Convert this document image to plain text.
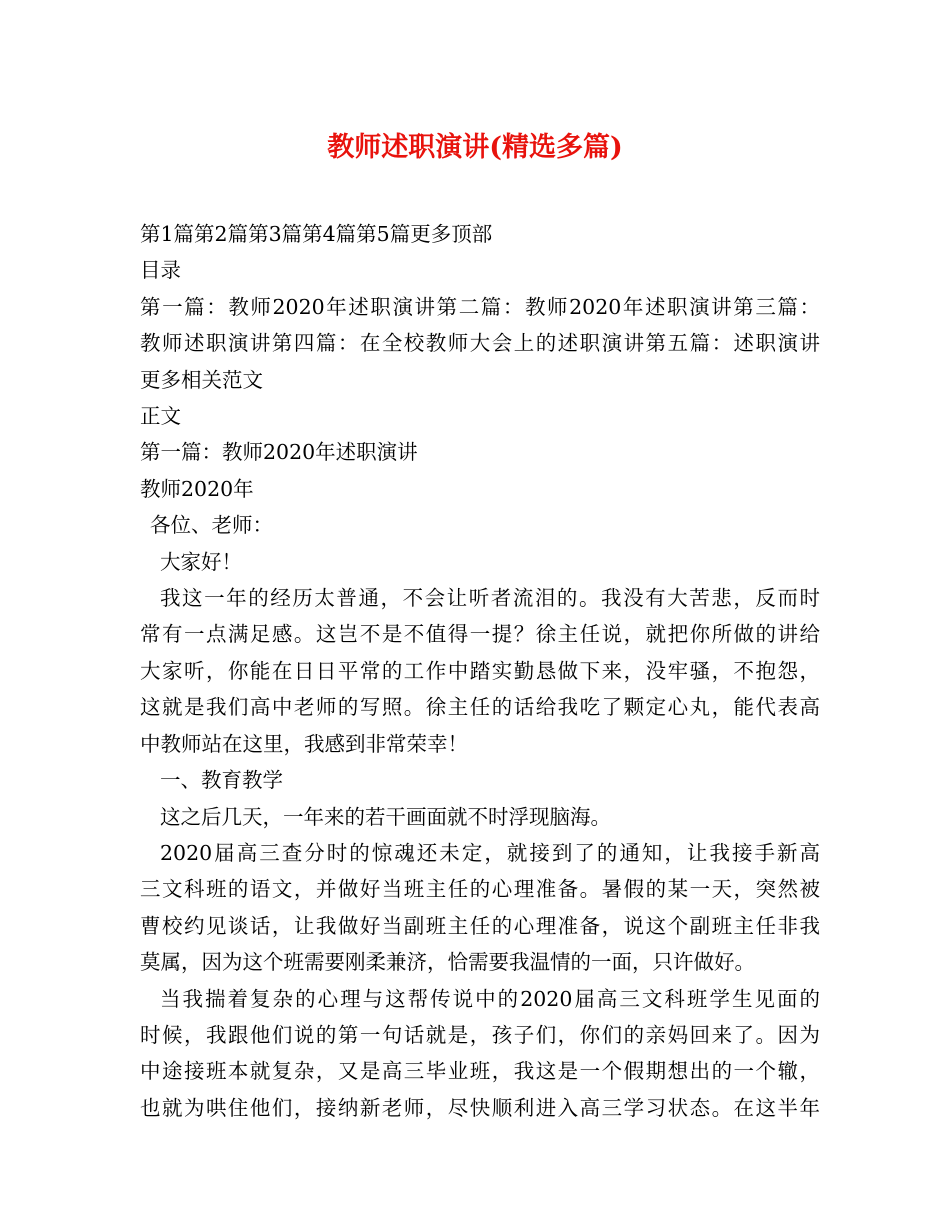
教师述职演讲(精选多篇)
第1篇第2篇第3篇第4篇第5篇更多顶部
目录
第一篇：教师2020年述职演讲第二篇：教师2020年述职演讲第三篇：
教师述职演讲第四篇：在全校教师大会上的述职演讲第五篇：述职演讲
更多相关范文
正文
第一篇：教师2020年述职演讲
教师2020年
各位、老师：
大家好！
我这一年的经历太普通，不会让听者流泪的。我没有大苦悲，反而时
常有一点满足感。这岂不是不值得一提？徐主任说，就把你所做的讲给
大家听，你能在日日平常的工作中踏实勤恳做下来，没牢骚，不抱怨，
这就是我们高中老师的写照。徐主任的话给我吃了颗定心丸，能代表高
中教师站在这里，我感到非常荣幸！
一、教育教学
这之后几天，一年来的若干画面就不时浮现脑海。
2020届高三查分时的惊魂还未定，就接到了的通知，让我接手新高
三文科班的语文，并做好当班主任的心理准备。暑假的某一天，突然被
曹校约见谈话，让我做好当副班主任的心理准备，说这个副班主任非我
莫属，因为这个班需要刚柔兼济，恰需要我温情的一面，只许做好。
当我揣着复杂的心理与这帮传说中的2020届高三文科班学生见面的
时候，我跟他们说的第一句话就是，孩子们，你们的亲妈回来了。因为
中途接班本就复杂，又是高三毕业班，我这是一个假期想出的一个辙，
也就为哄住他们，接纳新老师，尽快顺利进入高三学习状态。在这半年
